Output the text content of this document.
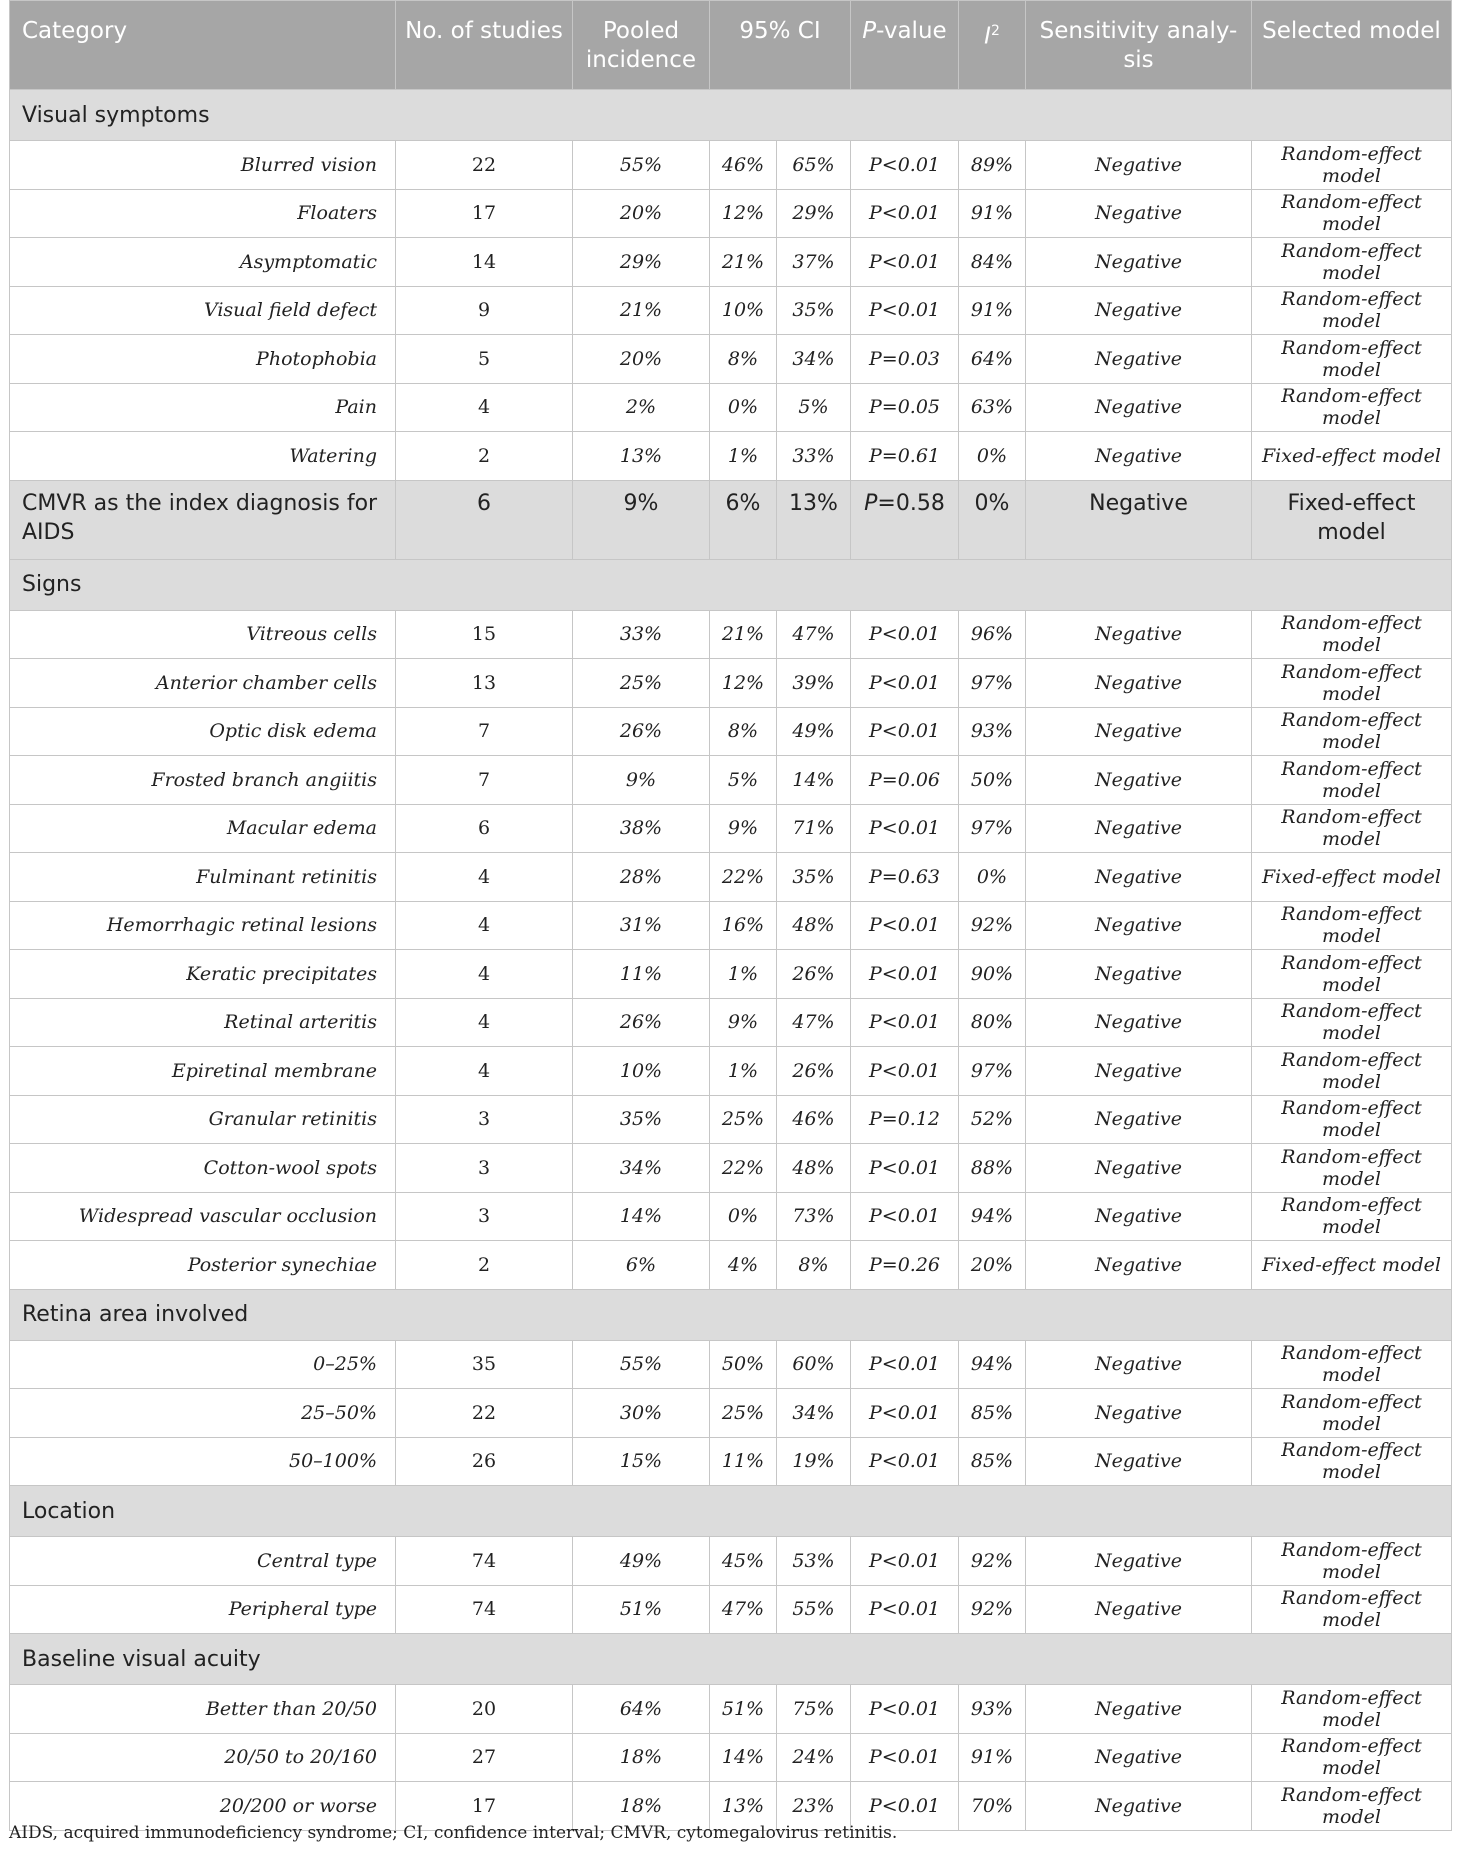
Category	No. of studies	Pooled incidence	95% CI		P-value	$I^2$	Sensitivity analy-sis	Selected model
Visual symptoms								
Blurred vision	22	55%	46%	65%	P<0.01	89%	Negative	Random-effect model
Floaters	17	20%	12%	29%	P<0.01	91%	Negative	Random-effect model
Asymptomatic	14	29%	21%	37%	P<0.01	84%	Negative	Random-effect model
Visual field defect	9	21%	10%	35%	P<0.01	91%	Negative	Random-effect model
Photophobia	5	20%	8%	34%	P=0.03	64%	Negative	Random-effect model
Pain	4	2%	0%	5%	P=0.05	63%	Negative	Random-effect model
Watering	2	13%	1%	33%	P=0.61	0%	Negative	Fixed-effect model
CMVR as the index diagnosis for AIDS	6	9%	6%	13%	P=0.58	0%	Negative	Fixed-effect model
Signs								
Vitreous cells	15	33%	21%	47%	P<0.01	96%	Negative	Random-effect model
Anterior chamber cells	13	25%	12%	39%	P<0.01	97%	Negative	Random-effect model
Optic disk edema	7	26%	8%	49%	P<0.01	93%	Negative	Random-effect model
Frosted branch angiitis	7	9%	5%	14%	P=0.06	50%	Negative	Random-effect model
Macular edema	6	38%	9%	71%	P<0.01	97%	Negative	Random-effect model
Fulminant retinitis	4	28%	22%	35%	P=0.63	0%	Negative	Fixed-effect model
Hemorrhagic retinal lesions	4	31%	16%	48%	P<0.01	92%	Negative	Random-effect model
Keratic precipitates	4	11%	1%	26%	P<0.01	90%	Negative	Random-effect model
Retinal arteritis	4	26%	9%	47%	P<0.01	80%	Negative	Random-effect model
Epiretinal membrane	4	10%	1%	26%	P<0.01	97%	Negative	Random-effect model
Granular retinitis	3	35%	25%	46%	P=0.12	52%	Negative	Random-effect model
Cotton-wool spots	3	34%	22%	48%	P<0.01	88%	Negative	Random-effect model
Widespread vascular occlusion	3	14%	0%	73%	P<0.01	94%	Negative	Random-effect model
Posterior synechiae	2	6%	4%	8%	P=0.26	20%	Negative	Fixed-effect model
Retina area involved								
0–25%	35	55%	50%	60%	P<0.01	94%	Negative	Random-effect model
25–50%	22	30%	25%	34%	P<0.01	85%	Negative	Random-effect model
50–100%	26	15%	11%	19%	P<0.01	85%	Negative	Random-effect model
Location								
Central type	74	49%	45%	53%	P<0.01	92%	Negative	Random-effect model
Peripheral type	74	51%	47%	55%	P<0.01	92%	Negative	Random-effect model
Baseline visual acuity								
Better than 20/50	20	64%	51%	75%	P<0.01	93%	Negative	Random-effect model
20/50 to 20/160	27	18%	14%	24%	P<0.01	91%	Negative	Random-effect model
20/200 or worse	17	18%	13%	23%	P<0.01	70%	Negative	Random-effect model
AIDS, acquired immunodeficiency syndrome; CI, confidence interval; CMVR, cytomegalovirus retinitis.
